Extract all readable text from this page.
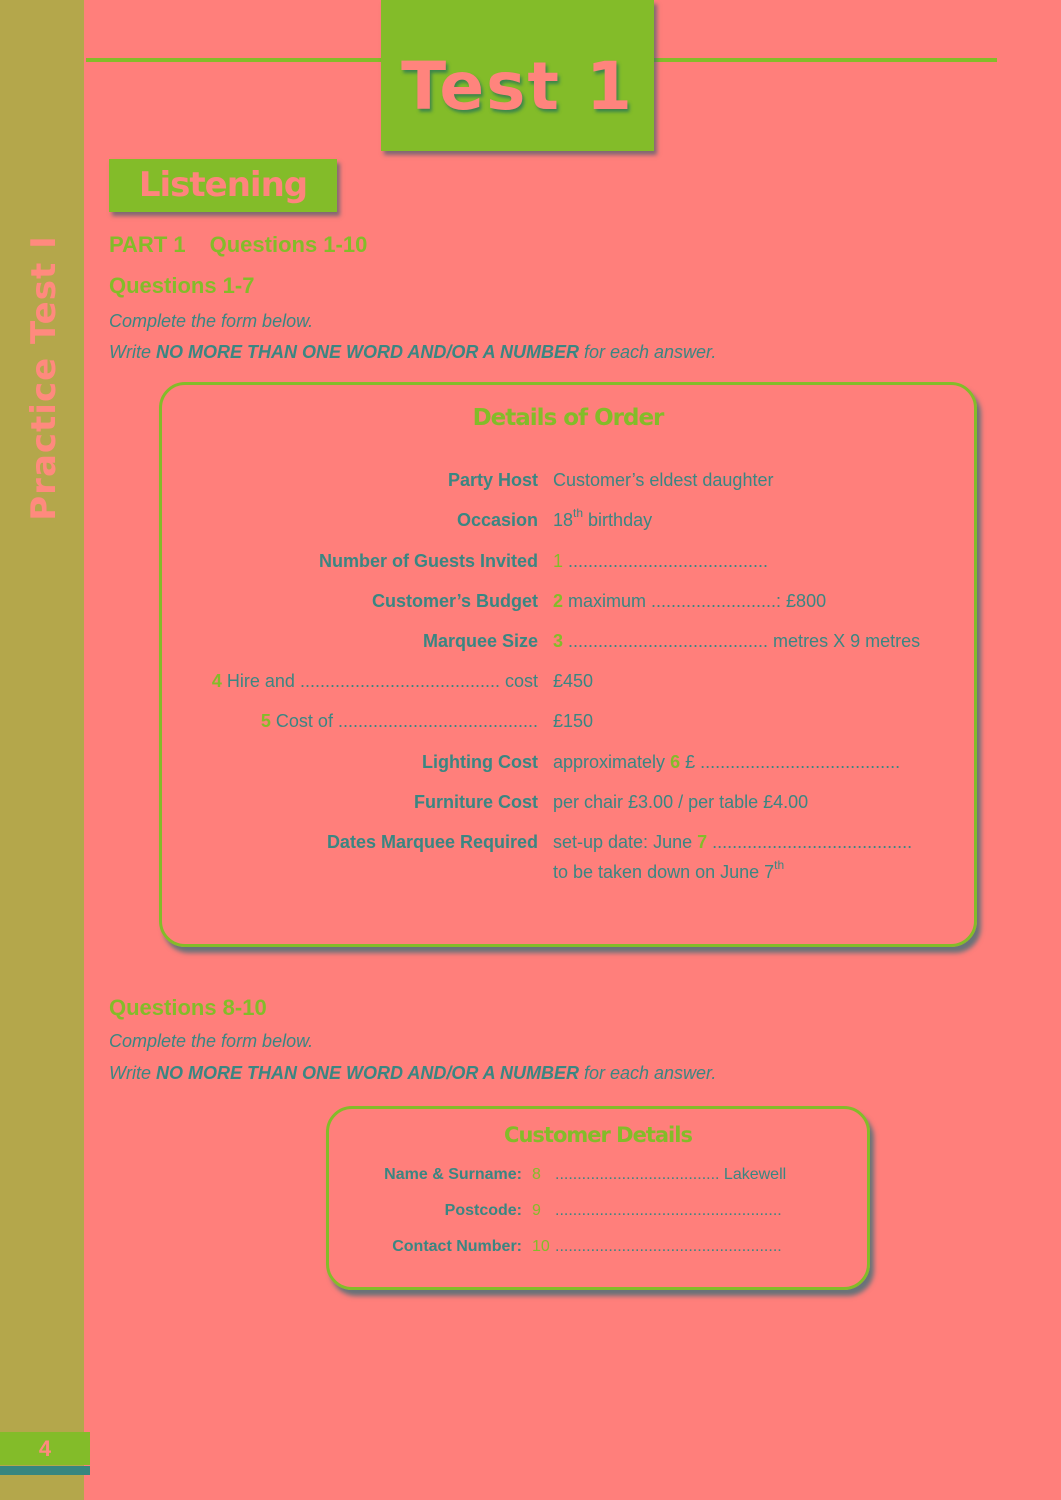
Practice Test I
4
Test 1
Listening
PART 1 Questions 1-10
Questions 1-7
Complete the form below.
Write NO MORE THAN ONE WORD AND/OR A NUMBER for each answer.
Details of Order
Party Host Customer’s eldest daughter
Occasion 18th birthday
Number of Guests Invited 1 ........................................
Customer’s Budget 2 maximum .........................: £800
Marquee Size 3 ........................................ metres X 9 metres
4 Hire and ........................................ cost £450
5 Cost of ........................................ £150
Lighting Cost approximately 6 £ ........................................
Furniture Cost per chair £3.00 / per table £4.00
Dates Marquee Required set-up date: June 7 ........................................
to be taken down on June 7th
Questions 8-10
Complete the form below.
Write NO MORE THAN ONE WORD AND/OR A NUMBER for each answer.
Customer Details
Name & Surname: 8 ..................................... Lakewell
Postcode: 9 ...................................................
Contact Number: 10 ...................................................
